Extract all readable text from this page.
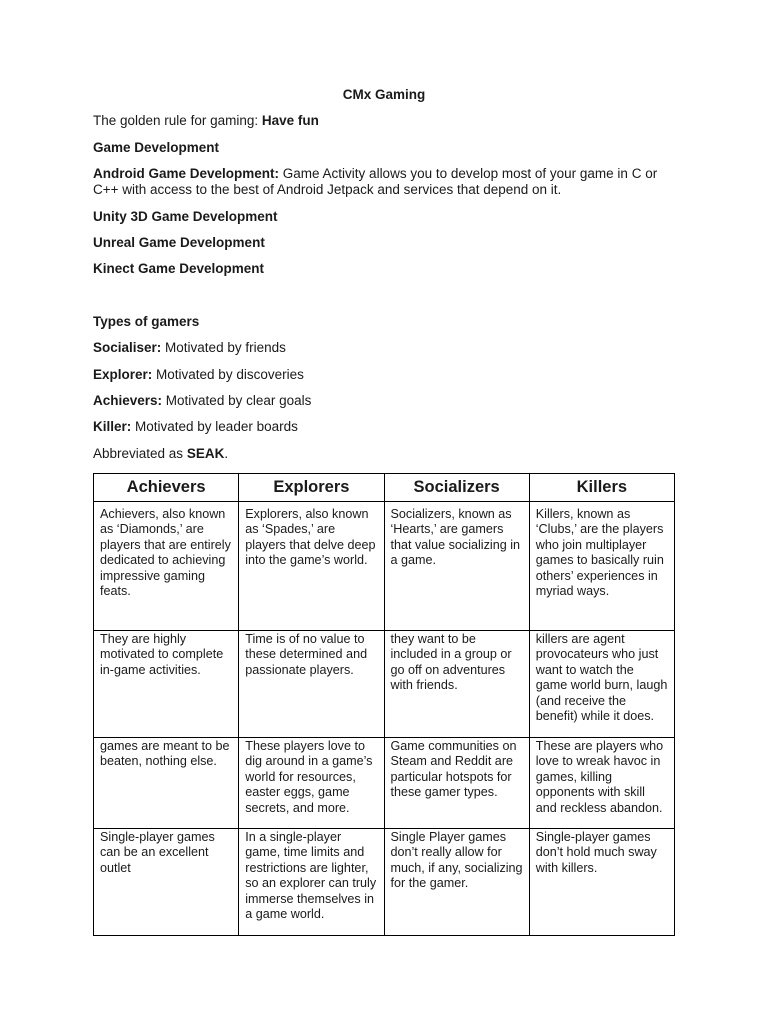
CMx Gaming

The golden rule for gaming: Have fun

Game Development

Android Game Development: Game Activity allows you to develop most of your game in C or C++ with access to the best of Android Jetpack and services that depend on it.

Unity 3D Game Development

Unreal Game Development

Kinect Game Development

Types of gamers

Socialiser: Motivated by friends

Explorer: Motivated by discoveries

Achievers: Motivated by clear goals

Killer: Motivated by leader boards

Abbreviated as SEAK.

Achievers	Explorers	Socializers	Killers
Achievers, also known as ‘Diamonds,’ are players that are entirely dedicated to achieving impressive gaming feats.	Explorers, also known as ‘Spades,’ are players that delve deep into the game’s world.	Socializers, known as ‘Hearts,’ are gamers that value socializing in a game.	Killers, known as ‘Clubs,’ are the players who join multiplayer games to basically ruin others’ experiences in myriad ways.
They are highly motivated to complete in-game activities.	Time is of no value to these determined and passionate players.	they want to be included in a group or go off on adventures with friends.	killers are agent provocateurs who just want to watch the game world burn, laugh (and receive the benefit) while it does.
games are meant to be beaten, nothing else.	These players love to dig around in a game’s world for resources, easter eggs, game secrets, and more.	Game communities on Steam and Reddit are particular hotspots for these gamer types.	These are players who love to wreak havoc in games, killing opponents with skill and reckless abandon.
Single-player games can be an excellent outlet	In a single-player game, time limits and restrictions are lighter, so an explorer can truly immerse themselves in a game world.	Single Player games don’t really allow for much, if any, socializing for the gamer.	Single-player games don’t hold much sway with killers.
